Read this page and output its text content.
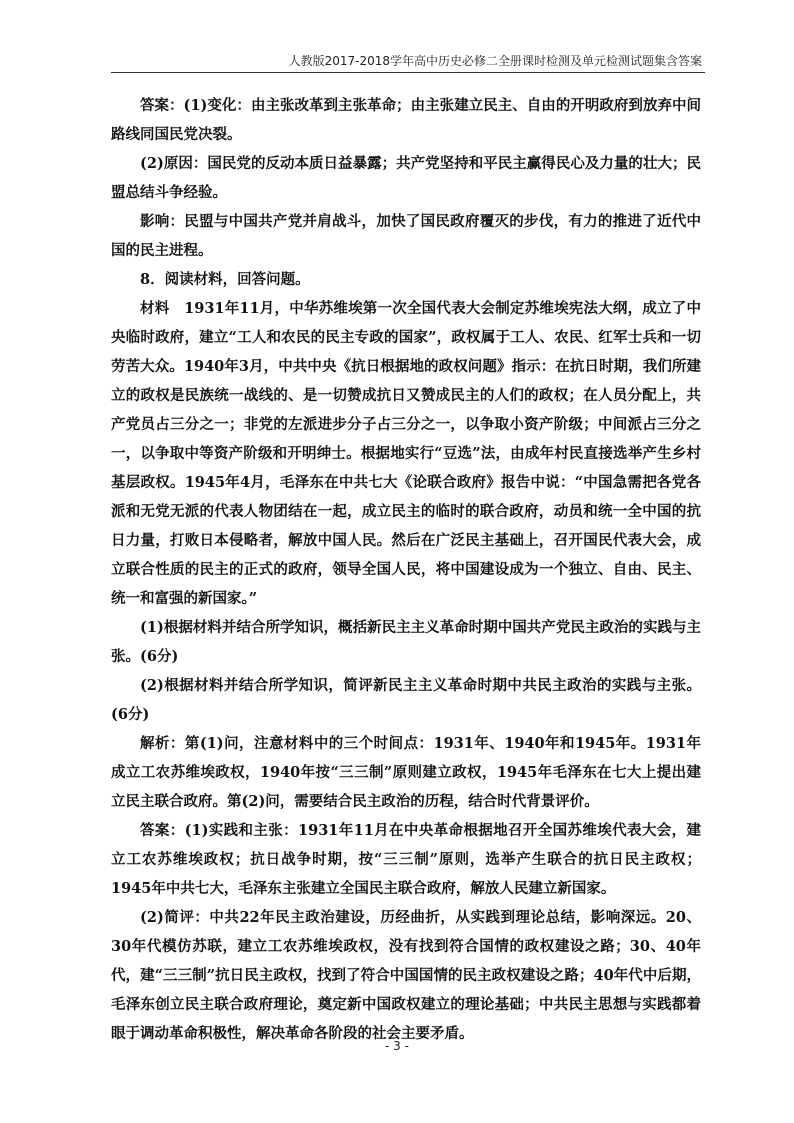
人教版2017-2018学年高中历史必修二全册课时检测及单元检测试题集含答案

答案：(1)变化：由主张改革到主张革命；由主张建立民主、自由的开明政府到放弃中间路线同国民党决裂。

(2)原因：国民党的反动本质日益暴露；共产党坚持和平民主赢得民心及力量的壮大；民盟总结斗争经验。

影响：民盟与中国共产党并肩战斗，加快了国民政府覆灭的步伐，有力的推进了近代中国的民主进程。

8．阅读材料，回答问题。

材料　1931年11月，中华苏维埃第一次全国代表大会制定苏维埃宪法大纲，成立了中央临时政府，建立“工人和农民的民主专政的国家”，政权属于工人、农民、红军士兵和一切劳苦大众。1940年3月，中共中央《抗日根据地的政权问题》指示：在抗日时期，我们所建立的政权是民族统一战线的、是一切赞成抗日又赞成民主的人们的政权；在人员分配上，共产党员占三分之一；非党的左派进步分子占三分之一，以争取小资产阶级；中间派占三分之一，以争取中等资产阶级和开明绅士。根据地实行“豆选”法，由成年村民直接选举产生乡村基层政权。1945年4月，毛泽东在中共七大《论联合政府》报告中说：“中国急需把各党各派和无党无派的代表人物团结在一起，成立民主的临时的联合政府，动员和统一全中国的抗日力量，打败日本侵略者，解放中国人民。然后在广泛民主基础上，召开国民代表大会，成立联合性质的民主的正式的政府，领导全国人民，将中国建设成为一个独立、自由、民主、统一和富强的新国家。”

(1)根据材料并结合所学知识，概括新民主主义革命时期中国共产党民主政治的实践与主张。(6分)

(2)根据材料并结合所学知识，简评新民主主义革命时期中共民主政治的实践与主张。(6分)

解析：第(1)问，注意材料中的三个时间点：1931年、1940年和1945年。1931年成立工农苏维埃政权，1940年按“三三制”原则建立政权，1945年毛泽东在七大上提出建立民主联合政府。第(2)问，需要结合民主政治的历程，结合时代背景评价。

答案：(1)实践和主张：1931年11月在中央革命根据地召开全国苏维埃代表大会，建立工农苏维埃政权；抗日战争时期，按“三三制”原则，选举产生联合的抗日民主政权；1945年中共七大，毛泽东主张建立全国民主联合政府，解放人民建立新国家。

(2)简评：中共22年民主政治建设，历经曲折，从实践到理论总结，影响深远。20、30年代模仿苏联，建立工农苏维埃政权，没有找到符合国情的政权建设之路；30、40年代，建“三三制”抗日民主政权，找到了符合中国国情的民主政权建设之路；40年代中后期，毛泽东创立民主联合政府理论，奠定新中国政权建立的理论基础；中共民主思想与实践都着眼于调动革命积极性，解决革命各阶段的社会主要矛盾。

- 3 -
